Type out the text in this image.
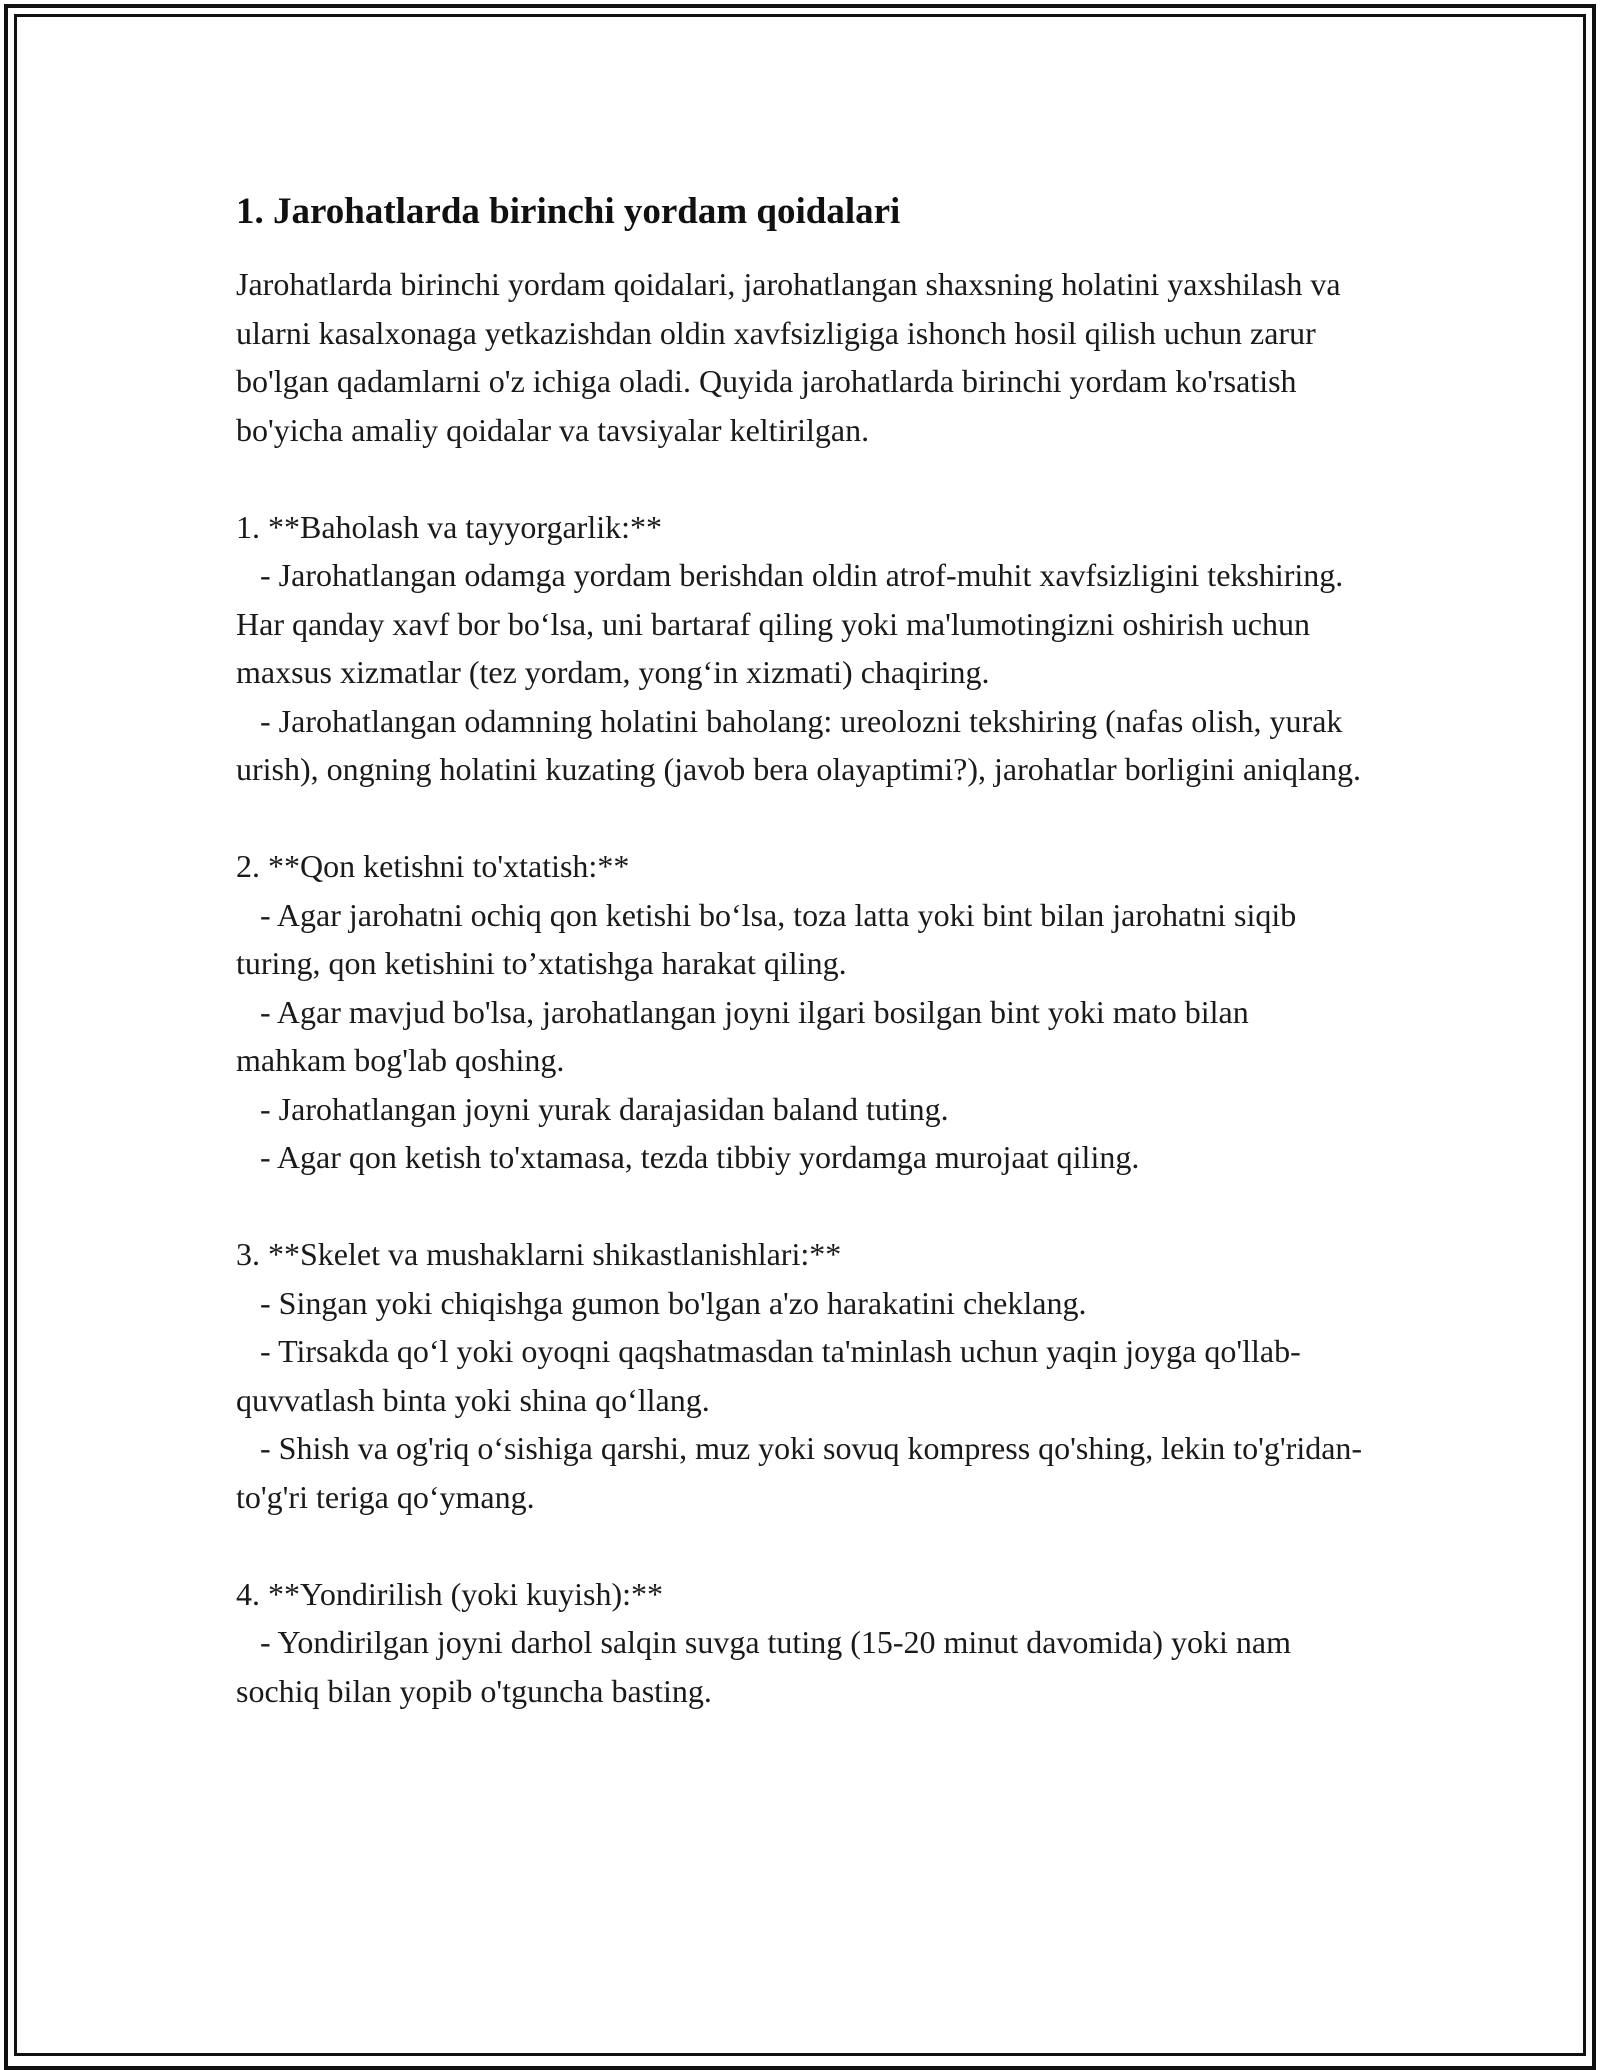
1. Jarohatlarda birinchi yordam qoidalari

Jarohatlarda birinchi yordam qoidalari, jarohatlangan shaxsning holatini yaxshilash va ularni kasalxonaga yetkazishdan oldin xavfsizligiga ishonch hosil qilish uchun zarur bo'lgan qadamlarni o'z ichiga oladi. Quyida jarohatlarda birinchi yordam ko'rsatish bo'yicha amaliy qoidalar va tavsiyalar keltirilgan.

1. **Baholash va tayyorgarlik:**

- Jarohatlangan odamga yordam berishdan oldin atrof-muhit xavfsizligini tekshiring. Har qanday xavf bor bo‘lsa, uni bartaraf qiling yoki ma'lumotingizni oshirish uchun maxsus xizmatlar (tez yordam, yong‘in xizmati) chaqiring.

- Jarohatlangan odamning holatini baholang: ureolozni tekshiring (nafas olish, yurak urish), ongning holatini kuzating (javob bera olayaptimi?), jarohatlar borligini aniqlang.

2. **Qon ketishni to'xtatish:**

- Agar jarohatni ochiq qon ketishi bo‘lsa, toza latta yoki bint bilan jarohatni siqib turing, qon ketishini to’xtatishga harakat qiling.

- Agar mavjud bo'lsa, jarohatlangan joyni ilgari bosilgan bint yoki mato bilan mahkam bog'lab qoshing.

- Jarohatlangan joyni yurak darajasidan baland tuting.

- Agar qon ketish to'xtamasa, tezda tibbiy yordamga murojaat qiling.

3. **Skelet va mushaklarni shikastlanishlari:**

- Singan yoki chiqishga gumon bo'lgan a'zo harakatini cheklang.

- Tirsakda qo‘l yoki oyoqni qaqshatmasdan ta'minlash uchun yaqin joyga qo'llab-quvvatlash binta yoki shina qo‘llang.

- Shish va og'riq o‘sishiga qarshi, muz yoki sovuq kompress qo'shing, lekin to'g'ridan-to'g'ri teriga qo‘ymang.

4. **Yondirilish (yoki kuyish):**

- Yondirilgan joyni darhol salqin suvga tuting (15-20 minut davomida) yoki nam sochiq bilan yopib o'tguncha basting.
